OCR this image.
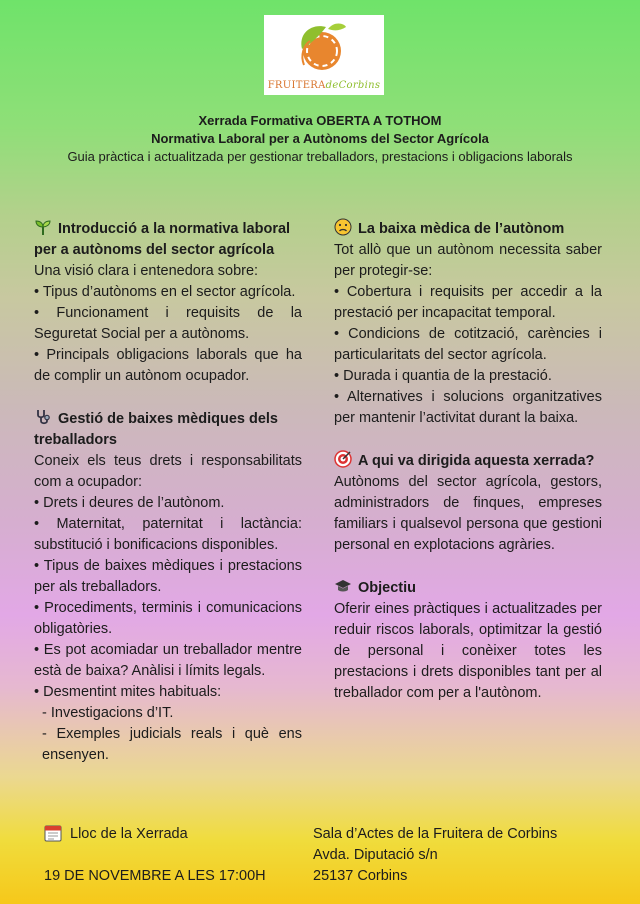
FRUITERAdeCorbins
Xerrada Formativa OBERTA A TOTHOM
Normativa Laboral per a Autònoms del Sector Agrícola
Guia pràctica i actualitzada per gestionar treballadors, prestacions i obligacions laborals

Introducció a la normativa laboral per a autònoms del sector agrícola

Una visió clara i entenedora sobre:

• Tipus d’autònoms en el sector agrícola.

• Funcionament i requisits de la Seguretat Social per a autònoms.

• Principals obligacions laborals que ha de complir un autònom ocupador.

Gestió de baixes mèdiques dels treballadors

Coneix els teus drets i responsabilitats com a ocupador:

• Drets i deures de l’autònom.

• Maternitat, paternitat i lactància: substitució i bonificacions disponibles.

• Tipus de baixes mèdiques i prestacions per als treballadors.

• Procediments, terminis i comunicacions obligatòries.

• Es pot acomiadar un treballador mentre està de baixa? Anàlisi i límits legals.

• Desmentint mites habituals:

- Investigacions d’IT.

- Exemples judicials reals i què ens ensenyen.

La baixa mèdica de l’autònom

Tot allò que un autònom necessita saber per protegir-se:

• Cobertura i requisits per accedir a la prestació per incapacitat temporal.

• Condicions de cotització, carències i particularitats del sector agrícola.

• Durada i quantia de la prestació.

• Alternatives i solucions organitzatives per mantenir l’activitat durant la baixa.

A qui va dirigida aquesta xerrada?

Autònoms del sector agrícola, gestors, administradors de finques, empreses familiars i qualsevol persona que gestioni personal en explotacions agràries.

Objectiu

Oferir eines pràctiques i actualitzades per reduir riscos laborals, optimitzar la gestió de personal i conèixer totes les prestacions i drets disponibles tant per al treballador com per a l'autònom.

Lloc de la Xerrada
19 DE NOVEMBRE A LES 17:00H
Sala d’Actes de la Fruitera de Corbins
Avda. Diputació s/n
25137 Corbins
